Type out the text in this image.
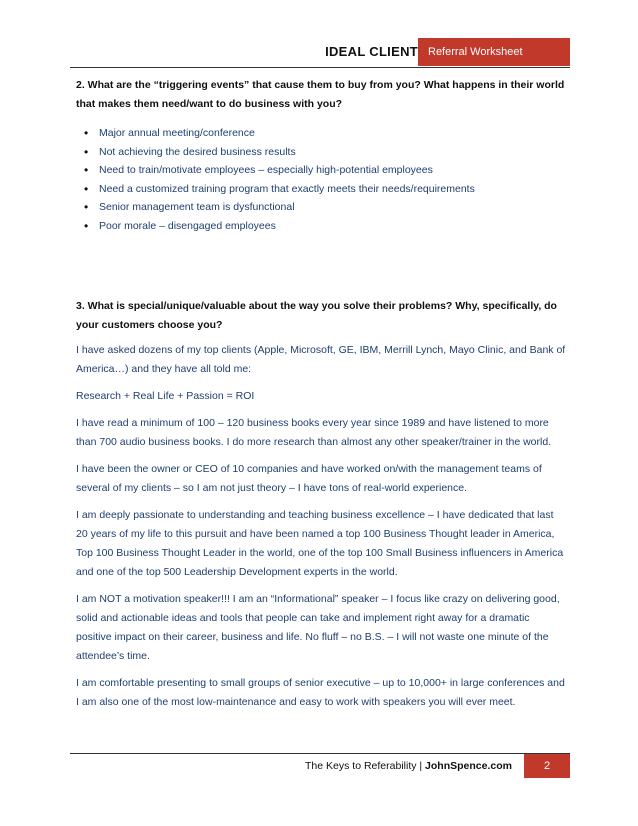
IDEAL CLIENT Referral Worksheet

2. What are the “triggering events” that cause them to buy from you? What happens in their world that makes them need/want to do business with you?

• Major annual meeting/conference
• Not achieving the desired business results
• Need to train/motivate employees – especially high-potential employees
• Need a customized training program that exactly meets their needs/requirements
• Senior management team is dysfunctional
• Poor morale – disengaged employees

3. What is special/unique/valuable about the way you solve their problems? Why, specifically, do your customers choose you?

I have asked dozens of my top clients (Apple, Microsoft, GE, IBM, Merrill Lynch, Mayo Clinic, and Bank of America…) and they have all told me:

Research + Real Life + Passion = ROI

I have read a minimum of 100 – 120 business books every year since 1989 and have listened to more than 700 audio business books. I do more research than almost any other speaker/trainer in the world.

I have been the owner or CEO of 10 companies and have worked on/with the management teams of several of my clients – so I am not just theory – I have tons of real-world experience.

I am deeply passionate to understanding and teaching business excellence – I have dedicated that last 20 years of my life to this pursuit and have been named a top 100 Business Thought leader in America, Top 100 Business Thought Leader in the world, one of the top 100 Small Business influencers in America and one of the top 500 Leadership Development experts in the world.

I am NOT a motivation speaker!!! I am an “Informational” speaker – I focus like crazy on delivering good, solid and actionable ideas and tools that people can take and implement right away for a dramatic positive impact on their career, business and life. No fluff – no B.S. – I will not waste one minute of the attendee’s time.

I am comfortable presenting to small groups of senior executive – up to 10,000+ in large conferences and I am also one of the most low-maintenance and easy to work with speakers you will ever meet.

The Keys to Referability | JohnSpence.com	2
